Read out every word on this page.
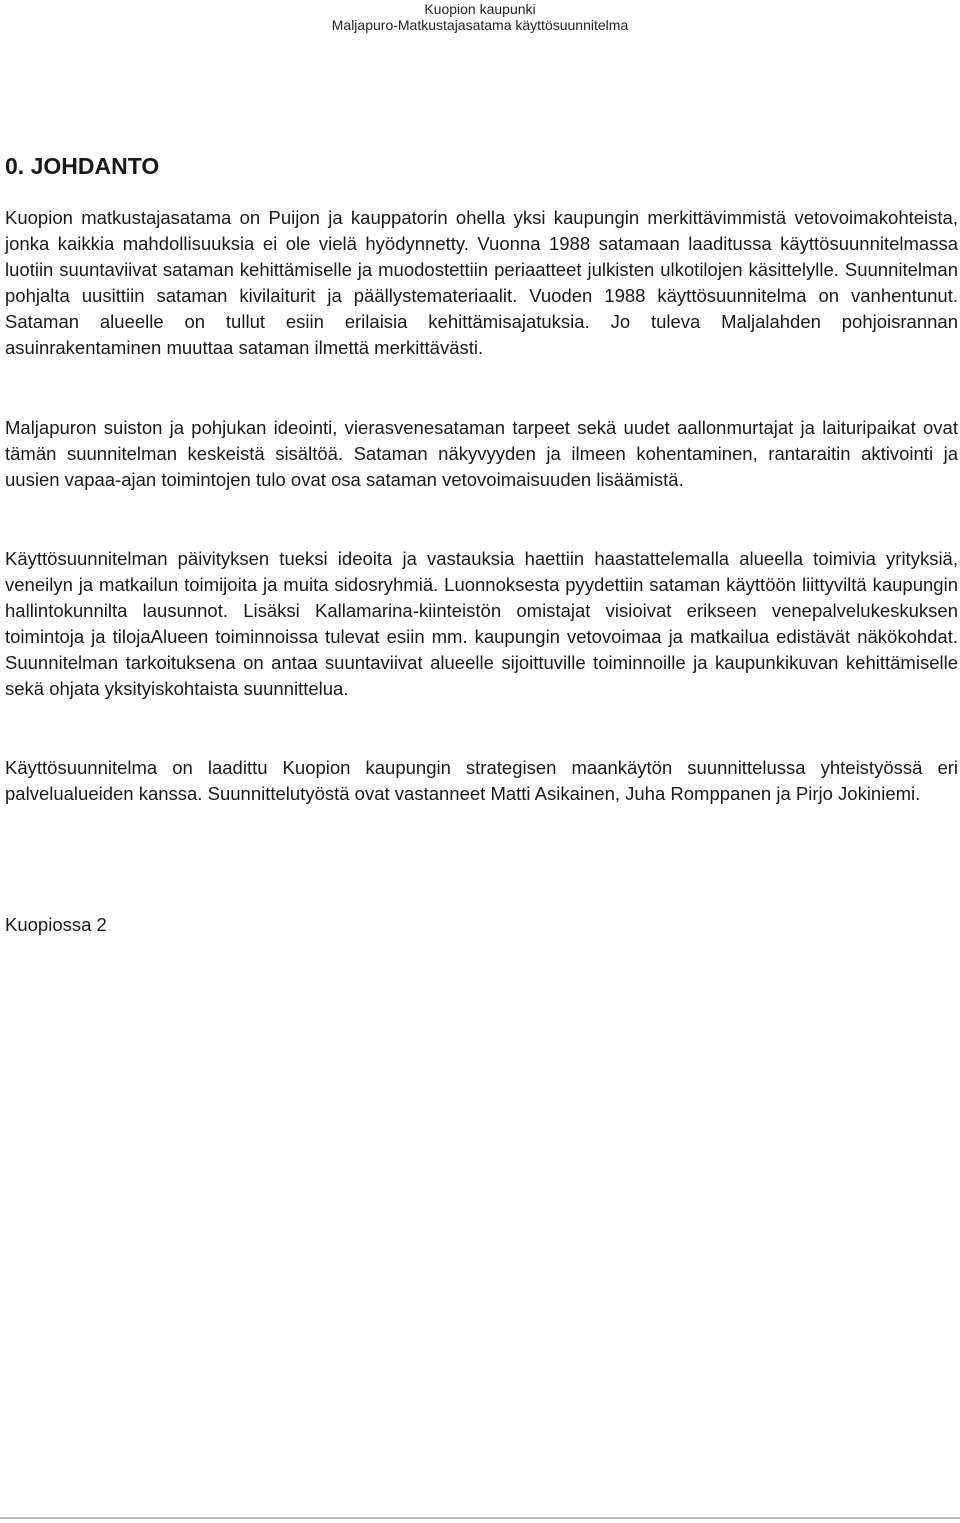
Kuopion kaupunki
Maljapuro-Matkustajasatama käyttösuunnitelma
0. JOHDANTO

Kuopion matkustajasatama on Puijon ja kauppatorin ohella yksi kaupungin merkittävimmistä vetovoimakohteista, jonka kaikkia mahdollisuuksia ei ole vielä hyödynnetty. Vuonna 1988 satamaan laaditussa käyttösuunnitelmassa luotiin suuntaviivat sataman kehittämiselle ja muodostettiin periaatteet julkisten ulkotilojen käsittelylle. Suunnitelman pohjalta uusittiin sataman kivilaiturit ja päällystemateriaalit. Vuoden 1988 käyttösuunnitelma on vanhentunut. Sataman alueelle on tullut esiin erilaisia kehittämisajatuksia. Jo tuleva Maljalahden pohjoisrannan asuinrakentaminen muuttaa sataman ilmettä merkittävästi.

Maljapuron suiston ja pohjukan ideointi, vierasvenesataman tarpeet sekä uudet aallonmurtajat ja laituripaikat ovat tämän suunnitelman keskeistä sisältöä. Sataman näkyvyyden ja ilmeen kohentaminen, rantaraitin aktivointi ja uusien vapaa-ajan toimintojen tulo ovat osa sataman vetovoimaisuuden lisäämistä.

Käyttösuunnitelman päivityksen tueksi ideoita ja vastauksia haettiin haastattelemalla alueella toimivia yrityksiä, veneilyn ja matkailun toimijoita ja muita sidosryhmiä. Luonnoksesta pyydettiin sataman käyttöön liittyviltä kaupungin hallintokunnilta lausunnot. Lisäksi Kallamarina-kiinteistön omistajat visioivat erikseen venepalvelukeskuksen toimintoja ja tilojaAlueen toiminnoissa tulevat esiin mm. kaupungin vetovoimaa ja matkailua edistävät näkökohdat. Suunnitelman tarkoituksena on antaa suuntaviivat alueelle sijoittuville toiminnoille ja kaupunkikuvan kehittämiselle sekä ohjata yksityiskohtaista suunnittelua.

Käyttösuunnitelma on laadittu Kuopion kaupungin strategisen maankäytön suunnittelussa yhteistyössä eri palvelualueiden kanssa. Suunnittelutyöstä ovat vastanneet Matti Asikainen, Juha Romppanen ja Pirjo Jokiniemi.

Kuopiossa 2
